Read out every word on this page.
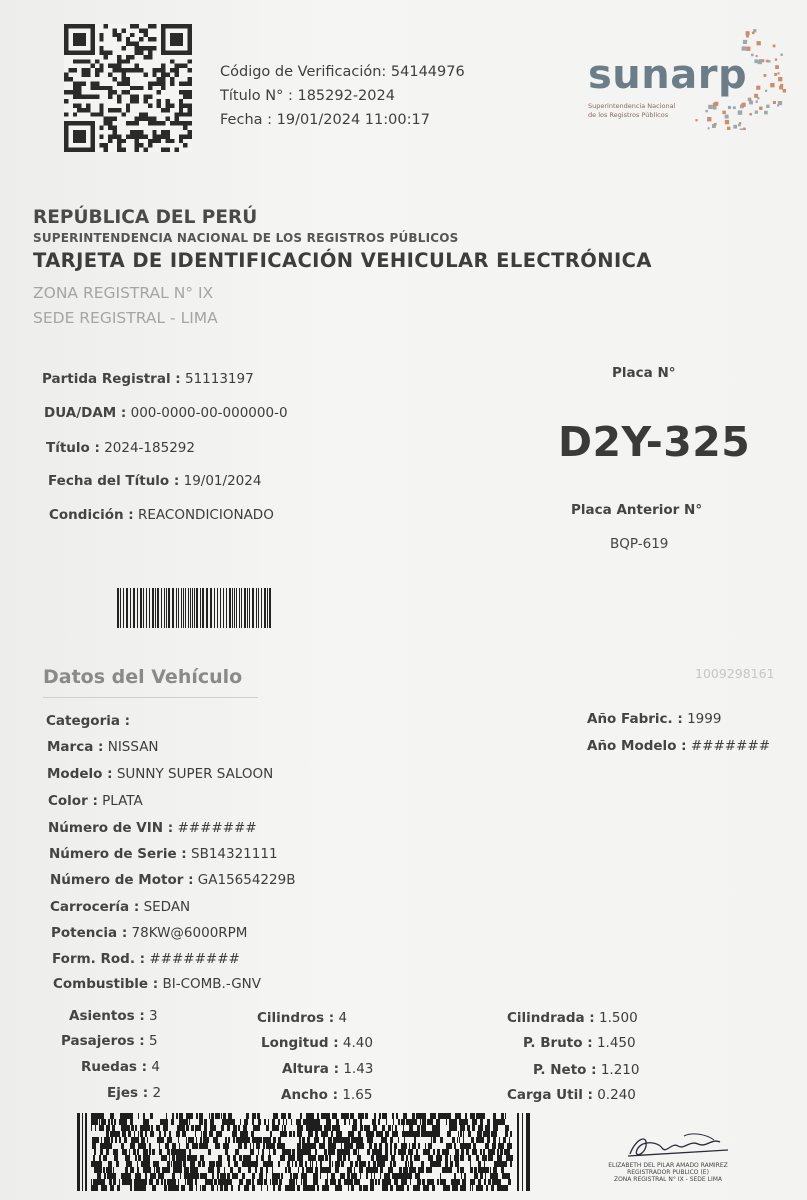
Código de Verificación: 54144976
Título N° : 185292-2024
Fecha : 19/01/2024 11:00:17
sunarp
Superintendencia Nacional
de los Registros Públicos
REPÚBLICA DEL PERÚ
SUPERINTENDENCIA NACIONAL DE LOS REGISTROS PÚBLICOS
TARJETA DE IDENTIFICACIÓN VEHICULAR ELECTRÓNICA
ZONA REGISTRAL N° IX
SEDE REGISTRAL - LIMA
Partida Registral : 51113197
DUA/DAM : 000-0000-00-000000-0
Título : 2024-185292
Fecha del Título : 19/01/2024
Condición : REACONDICIONADO
Placa N°
D2Y-325
Placa Anterior N°
BQP-619
Datos del Vehículo	1009298161
Categoria :
Marca : NISSAN
Modelo : SUNNY SUPER SALOON
Color : PLATA
Número de VIN : #######
Número de Serie : SB14321111
Número de Motor : GA15654229B
Carrocería : SEDAN
Potencia : 78KW@6000RPM
Form. Rod. : ########
Combustible : BI-COMB.-GNV
Año Fabric. : 1999
Año Modelo : #######
Asientos : 3
Pasajeros : 5
Ruedas : 4
Ejes : 2
Cilindros : 4
Longitud : 4.40
Altura : 1.43
Ancho : 1.65
Cilindrada : 1.500
P. Bruto : 1.450
P. Neto : 1.210
Carga Util : 0.240
ELIZABETH DEL PILAR AMADO RAMIREZ
REGISTRADOR PUBLICO (E)
ZONA REGISTRAL N° IX - SEDE LIMA
